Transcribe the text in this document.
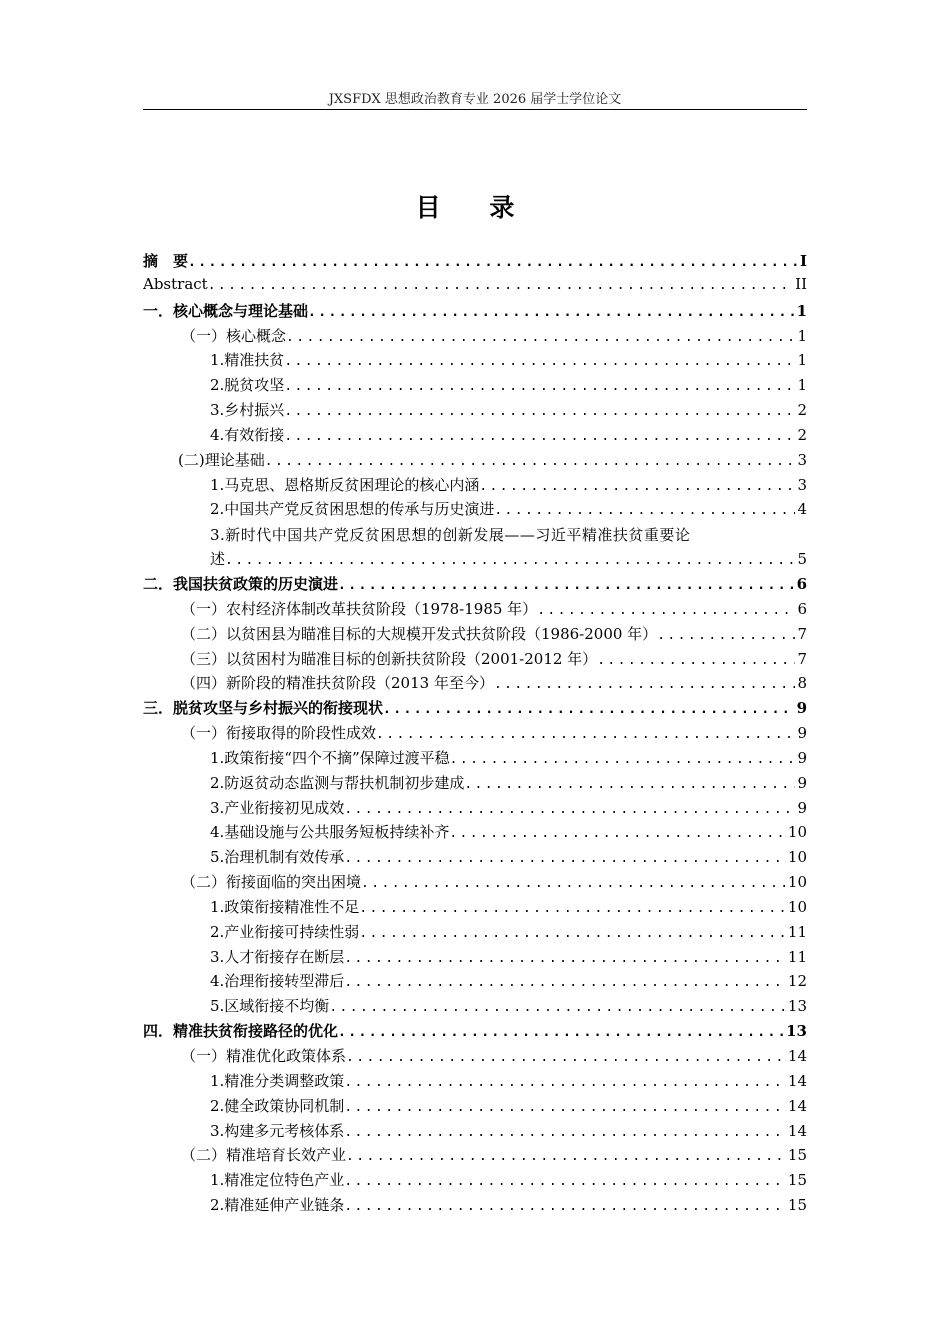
JXSFDX 思想政治教育专业 2026 届学士学位论文
目 录
摘　要 .....	I
Abstract .....	II
一．核心概念与理论基础 .....	1
（一）核心概念 .....	1
1.精准扶贫 .....	1
2.脱贫攻坚 .....	1
3.乡村振兴 .....	2
4.有效衔接 .....	2
(二)理论基础 .....	3
1.马克思、恩格斯反贫困理论的核心内涵 .....	3
2.中国共产党反贫困思想的传承与历史演进 .....	4
3.新时代中国共产党反贫困思想的创新发展——习近平精准扶贫重要论
述 .....	5
二．我国扶贫政策的历史演进 .....	6
（一）农村经济体制改革扶贫阶段（1978-1985 年） .....	6
（二）以贫困县为瞄准目标的大规模开发式扶贫阶段（1986-2000 年） .....	7
（三）以贫困村为瞄准目标的创新扶贫阶段（2001-2012 年） .....	7
（四）新阶段的精准扶贫阶段（2013 年至今） .....	8
三．脱贫攻坚与乡村振兴的衔接现状 .....	9
（一）衔接取得的阶段性成效 .....	9
1.政策衔接“四个不摘”保障过渡平稳 .....	9
2.防返贫动态监测与帮扶机制初步建成 .....	9
3.产业衔接初见成效 .....	9
4.基础设施与公共服务短板持续补齐 .....	10
5.治理机制有效传承 .....	10
（二）衔接面临的突出困境 .....	10
1.政策衔接精准性不足 .....	10
2.产业衔接可持续性弱 .....	11
3.人才衔接存在断层 .....	11
4.治理衔接转型滞后 .....	12
5.区域衔接不均衡 .....	13
四．精准扶贫衔接路径的优化 .....	13
（一）精准优化政策体系 .....	14
1.精准分类调整政策 .....	14
2.健全政策协同机制 .....	14
3.构建多元考核体系 .....	14
（二）精准培育长效产业 .....	15
1.精准定位特色产业 .....	15
2.精准延伸产业链条 .....	15
